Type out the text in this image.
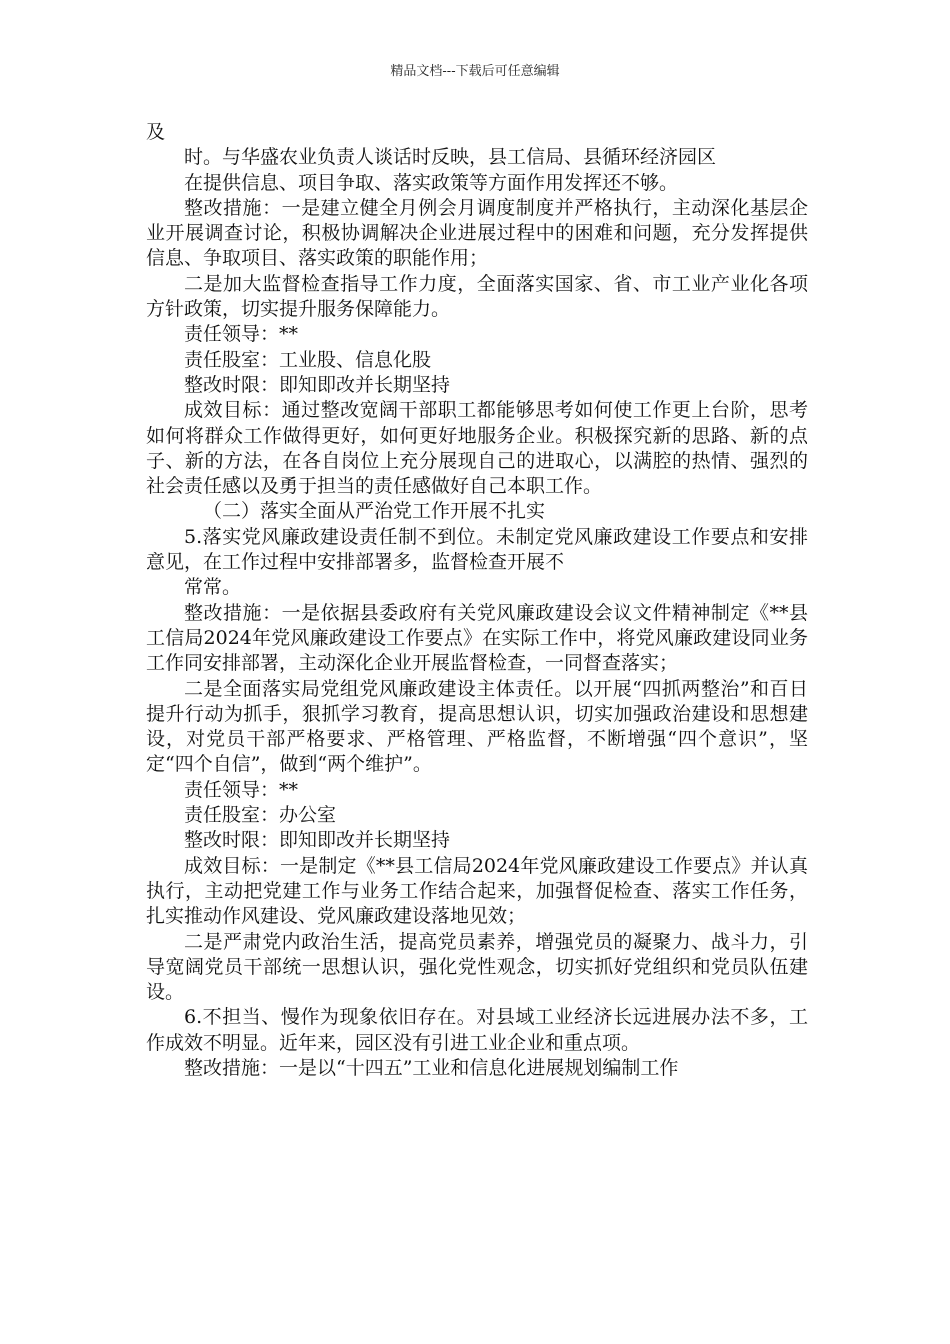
精品文档---下载后可任意编辑

及

时。与华盛农业负责人谈话时反映，县工信局、县循环经济园区

在提供信息、项目争取、落实政策等方面作用发挥还不够。

整改措施：一是建立健全月例会月调度制度并严格执行，主动深化基层企业开展调查讨论，积极协调解决企业进展过程中的困难和问题，充分发挥提供信息、争取项目、落实政策的职能作用；

二是加大监督检查指导工作力度，全面落实国家、省、市工业产业化各项方针政策，切实提升服务保障能力。

责任领导：**

责任股室：工业股、信息化股

整改时限：即知即改并长期坚持

成效目标：通过整改宽阔干部职工都能够思考如何使工作更上台阶，思考如何将群众工作做得更好，如何更好地服务企业。积极探究新的思路、新的点子、新的方法，在各自岗位上充分展现自己的进取心，以满腔的热情、强烈的社会责任感以及勇于担当的责任感做好自己本职工作。

（二）落实全面从严治党工作开展不扎实

5.落实党风廉政建设责任制不到位。未制定党风廉政建设工作要点和安排意见，在工作过程中安排部署多，监督检查开展不

常常。

整改措施：一是依据县委政府有关党风廉政建设会议文件精神制定《**县工信局2024年党风廉政建设工作要点》在实际工作中，将党风廉政建设同业务工作同安排部署，主动深化企业开展监督检查，一同督查落实；

二是全面落实局党组党风廉政建设主体责任。以开展“四抓两整治”和百日提升行动为抓手，狠抓学习教育，提高思想认识，切实加强政治建设和思想建设，对党员干部严格要求、严格管理、严格监督，不断增强“四个意识”，坚定“四个自信”，做到“两个维护”。

责任领导：**

责任股室：办公室

整改时限：即知即改并长期坚持

成效目标：一是制定《**县工信局2024年党风廉政建设工作要点》并认真执行，主动把党建工作与业务工作结合起来，加强督促检查、落实工作任务，扎实推动作风建设、党风廉政建设落地见效；

二是严肃党内政治生活，提高党员素养，增强党员的凝聚力、战斗力，引导宽阔党员干部统一思想认识，强化党性观念，切实抓好党组织和党员队伍建设。

6.不担当、慢作为现象依旧存在。对县域工业经济长远进展办法不多，工作成效不明显。近年来，园区没有引进工业企业和重点项。

整改措施：一是以“十四五”工业和信息化进展规划编制工作
